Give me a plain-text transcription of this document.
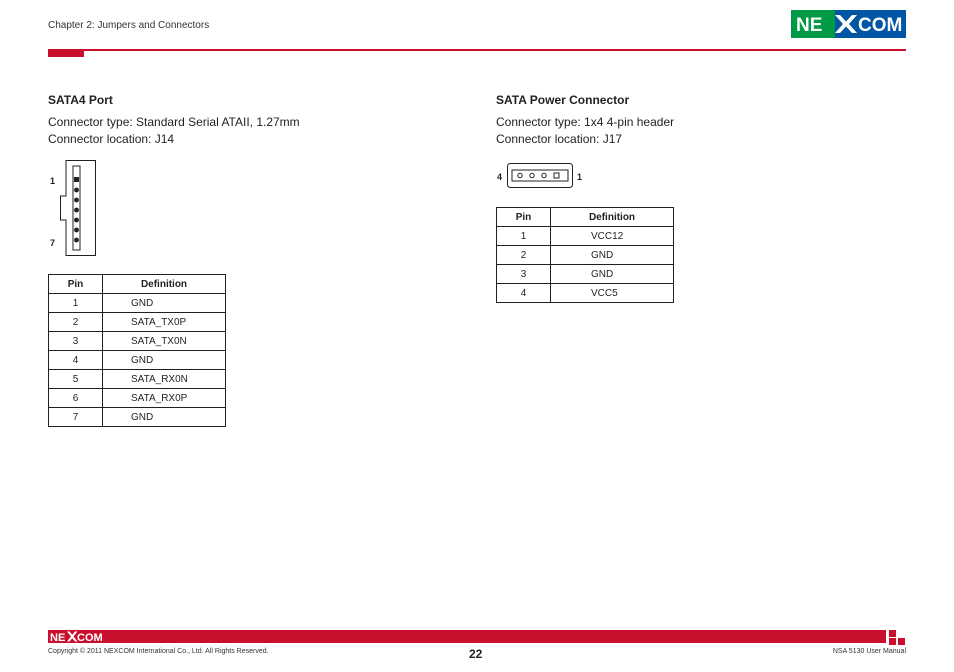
Chapter 2: Jumpers and Connectors	NE COM
SATA4 Port
Connector type: Standard Serial ATAII, 1.27mm
Connector location: J14
1
7
Pin	Definition
1	GND
2	SATA_TX0P
3	SATA_TX0N
4	GND
5	SATA_RX0N
6	SATA_RX0P
7	GND
SATA Power Connector
Connector type: 1x4 4-pin header
Connector location: J17
4	1
Pin	Definition
1	VCC12
2	GND
3	GND
4	VCC5
NE COM
Copyright © 2011 NEXCOM International Co., Ltd. All Rights Reserved.	22	NSA 5130 User Manual
